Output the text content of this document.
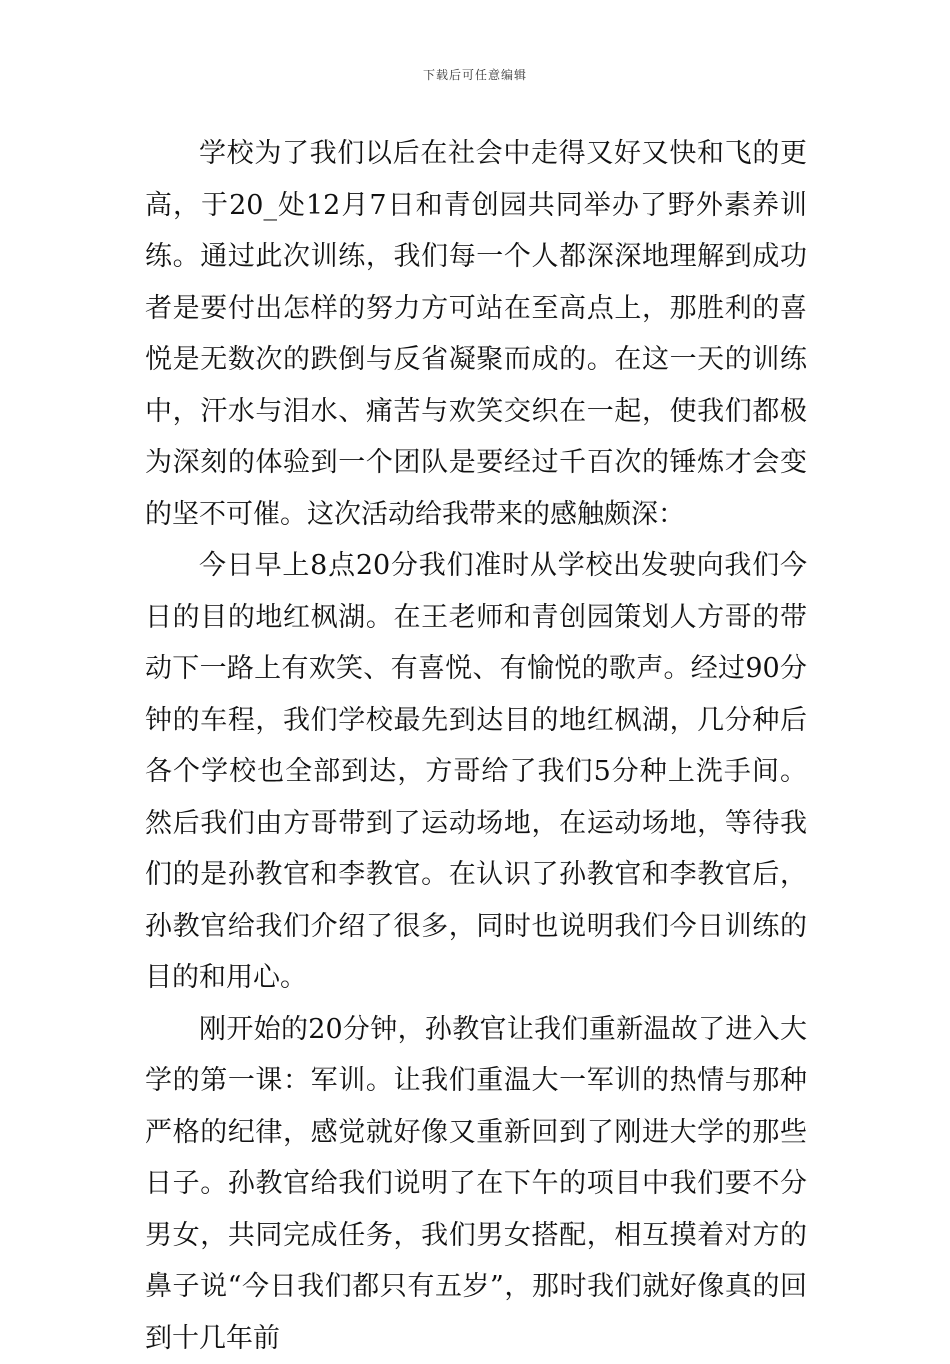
下载后可任意编辑

学校为了我们以后在社会中走得又好又快和飞的更高，于20_处12月7日和青创园共同举办了野外素养训练。通过此次训练，我们每一个人都深深地理解到成功者是要付出怎样的努力方可站在至高点上，那胜利的喜悦是无数次的跌倒与反省凝聚而成的。在这一天的训练中，汗水与泪水、痛苦与欢笑交织在一起，使我们都极为深刻的体验到一个团队是要经过千百次的锤炼才会变的坚不可催。这次活动给我带来的感触颇深：

今日早上8点20分我们准时从学校出发驶向我们今日的目的地红枫湖。在王老师和青创园策划人方哥的带动下一路上有欢笑、有喜悦、有愉悦的歌声。经过90分钟的车程，我们学校最先到达目的地红枫湖，几分种后各个学校也全部到达，方哥给了我们5分种上洗手间。然后我们由方哥带到了运动场地，在运动场地，等待我们的是孙教官和李教官。在认识了孙教官和李教官后，孙教官给我们介绍了很多，同时也说明我们今日训练的目的和用心。

刚开始的20分钟，孙教官让我们重新温故了进入大学的第一课：军训。让我们重温大一军训的热情与那种严格的纪律，感觉就好像又重新回到了刚进大学的那些日子。孙教官给我们说明了在下午的项目中我们要不分男女，共同完成任务，我们男女搭配，相互摸着对方的鼻子说“今日我们都只有五岁”，那时我们就好像真的回到十几年前
